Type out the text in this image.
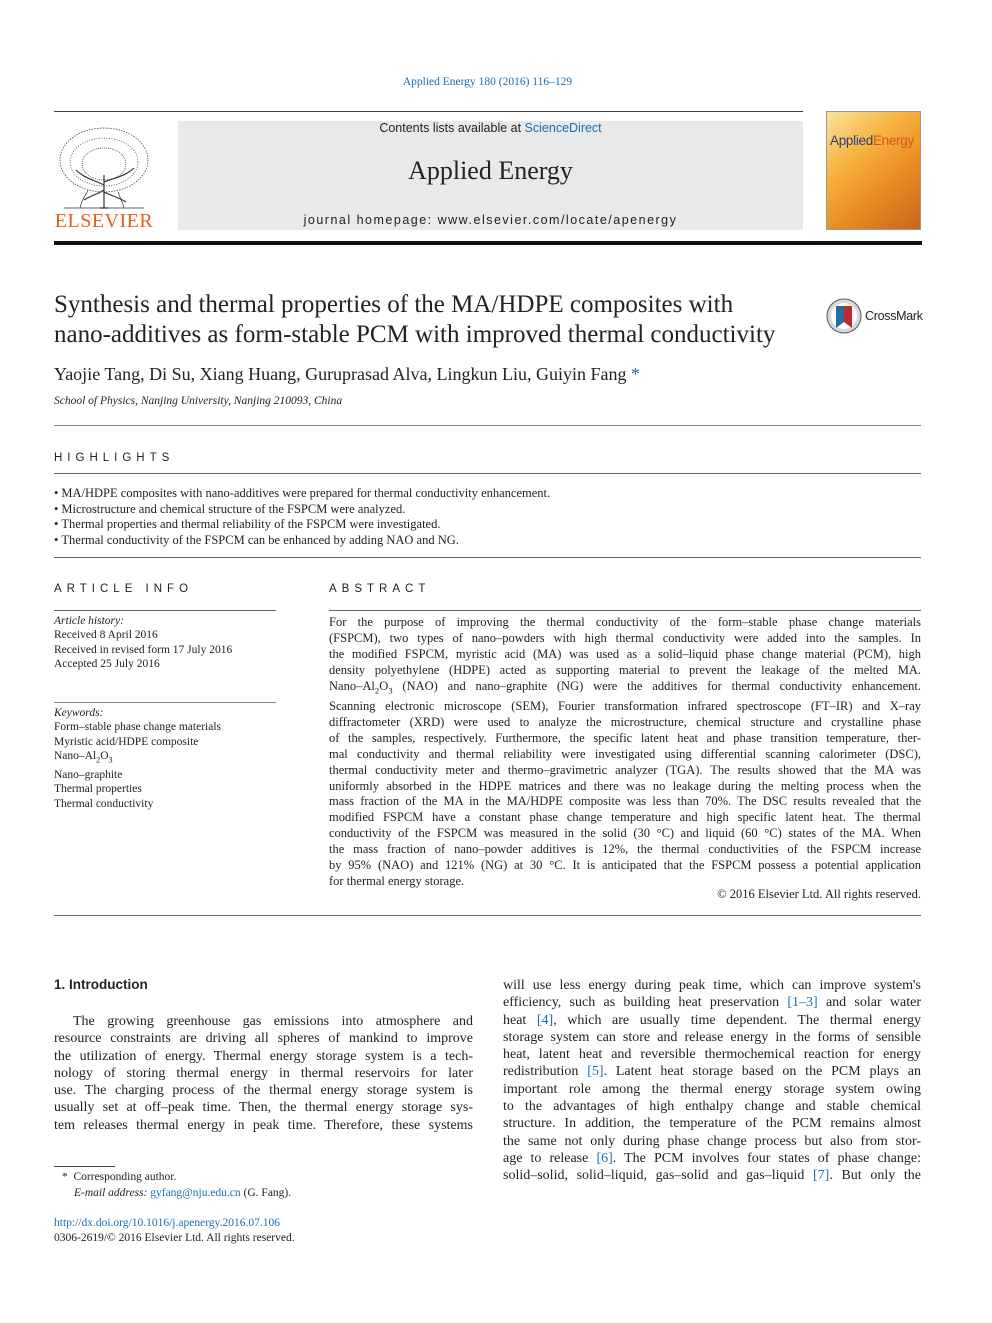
Applied Energy 180 (2016) 116–129
ELSEVIER
Contents lists available at ScienceDirect
Applied Energy
journal homepage: www.elsevier.com/locate/apenergy
AppliedEnergy
Synthesis and thermal properties of the MA/HDPE composites with
nano-additives as form-stable PCM with improved thermal conductivity
CrossMark
Yaojie Tang, Di Su, Xiang Huang, Guruprasad Alva, Lingkun Liu, Guiyin Fang *
School of Physics, Nanjing University, Nanjing 210093, China
HIGHLIGHTS
• MA/HDPE composites with nano-additives were prepared for thermal conductivity enhancement.
• Microstructure and chemical structure of the FSPCM were analyzed.
• Thermal properties and thermal reliability of the FSPCM were investigated.
• Thermal conductivity of the FSPCM can be enhanced by adding NAO and NG.
ARTICLE INFO
Article history:
Received 8 April 2016
Received in revised form 17 July 2016
Accepted 25 July 2016
Keywords:
Form–stable phase change materials
Myristic acid/HDPE composite
Nano–$Al_2O_3$
Nano–graphite
Thermal properties
Thermal conductivity
ABSTRACT
For the purpose of improving the thermal conductivity of the form–stable phase change materials
(FSPCM), two types of nano–powders with high thermal conductivity were added into the samples. In
the modified FSPCM, myristic acid (MA) was used as a solid–liquid phase change material (PCM), high
density polyethylene (HDPE) acted as supporting material to prevent the leakage of the melted MA.
Nano–$Al_2O_3$ (NAO) and nano–graphite (NG) were the additives for thermal conductivity enhancement.
Scanning electronic microscope (SEM), Fourier transformation infrared spectroscope (FT–IR) and X–ray
diffractometer (XRD) were used to analyze the microstructure, chemical structure and crystalline phase
of the samples, respectively. Furthermore, the specific latent heat and phase transition temperature, ther-
mal conductivity and thermal reliability were investigated using differential scanning calorimeter (DSC),
thermal conductivity meter and thermo–gravimetric analyzer (TGA). The results showed that the MA was
uniformly absorbed in the HDPE matrices and there was no leakage during the melting process when the
mass fraction of the MA in the MA/HDPE composite was less than 70%. The DSC results revealed that the
modified FSPCM have a constant phase change temperature and high specific latent heat. The thermal
conductivity of the FSPCM was measured in the solid (30 °C) and liquid (60 °C) states of the MA. When
the mass fraction of nano–powder additives is 12%, the thermal conductivities of the FSPCM increase
by 95% (NAO) and 121% (NG) at 30 °C. It is anticipated that the FSPCM possess a potential application
for thermal energy storage.
© 2016 Elsevier Ltd. All rights reserved.
1. Introduction
The growing greenhouse gas emissions into atmosphere and
resource constraints are driving all spheres of mankind to improve
the utilization of energy. Thermal energy storage system is a tech-
nology of storing thermal energy in thermal reservoirs for later
use. The charging process of the thermal energy storage system is
usually set at off–peak time. Then, the thermal energy storage sys-
tem releases thermal energy in peak time. Therefore, these systems
will use less energy during peak time, which can improve system's
efficiency, such as building heat preservation [1–3] and solar water
heat [4], which are usually time dependent. The thermal energy
storage system can store and release energy in the forms of sensible
heat, latent heat and reversible thermochemical reaction for energy
redistribution [5]. Latent heat storage based on the PCM plays an
important role among the thermal energy storage system owing
to the advantages of high enthalpy change and stable chemical
structure. In addition, the temperature of the PCM remains almost
the same not only during phase change process but also from stor-
age to release [6]. The PCM involves four states of phase change:
solid–solid, solid–liquid, gas–solid and gas–liquid [7]. But only the
*  Corresponding author.
E-mail address: gyfang@nju.edu.cn (G. Fang).
http://dx.doi.org/10.1016/j.apenergy.2016.07.106
0306-2619/© 2016 Elsevier Ltd. All rights reserved.
